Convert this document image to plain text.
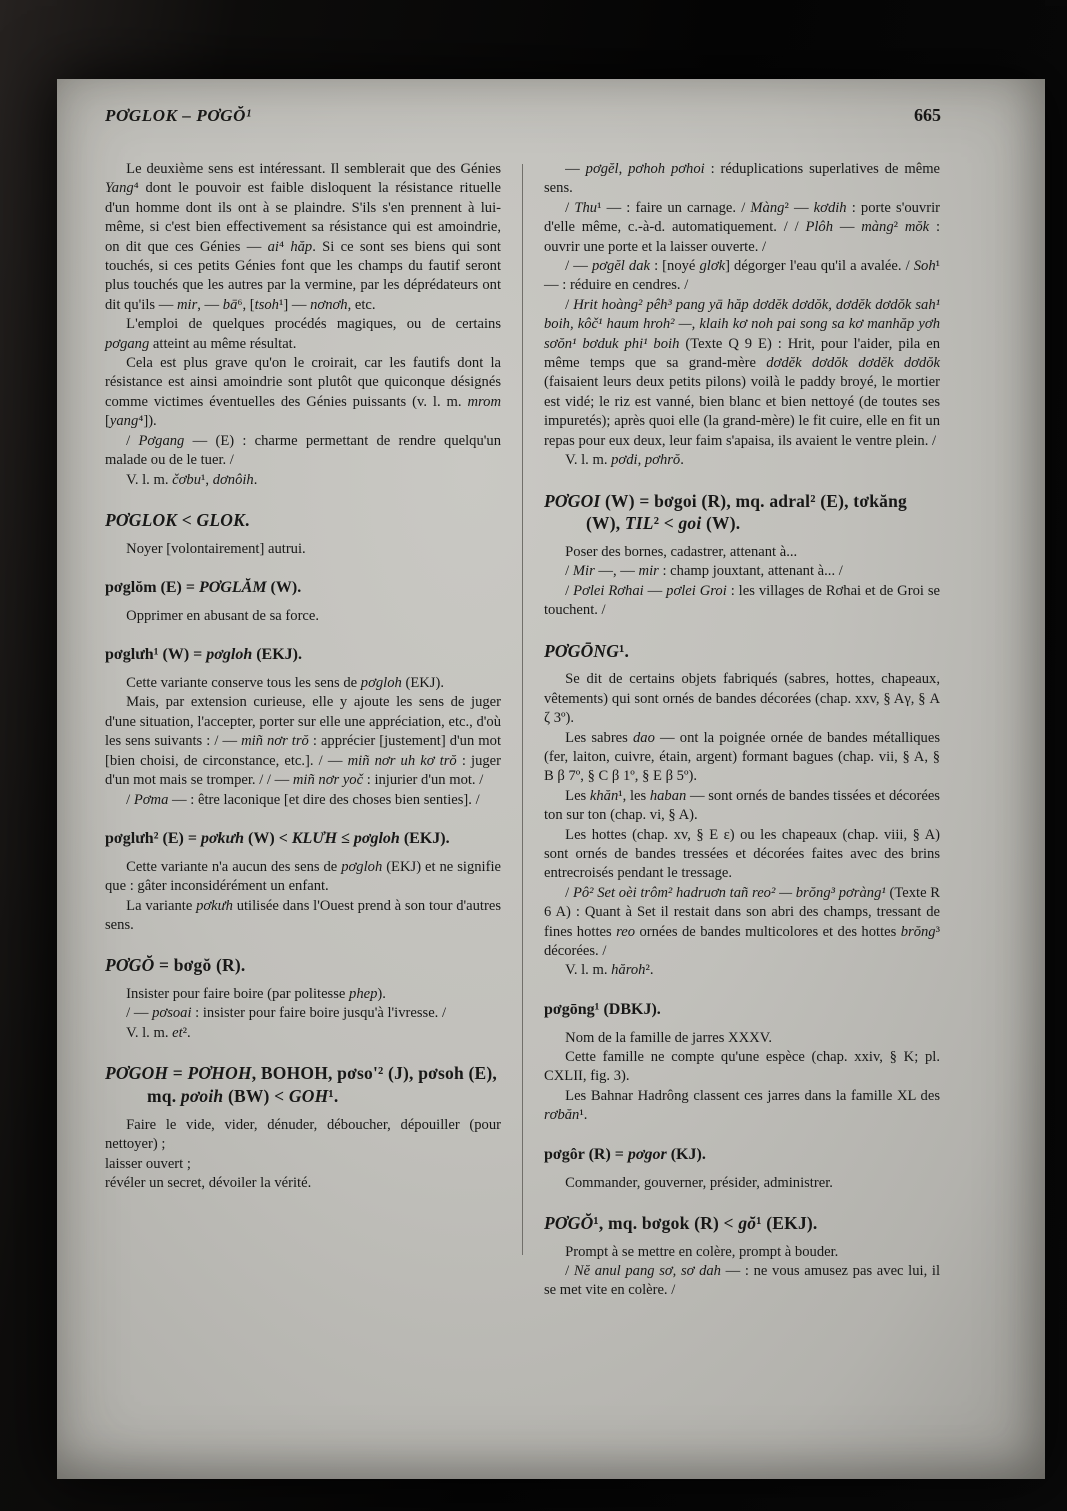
PƠGLOK – PƠGŎ¹	665

Le deuxième sens est intéressant. Il semblerait que des Génies Yang⁴ dont le pouvoir est faible disloquent la résistance rituelle d'un homme dont ils ont à se plaindre. S'ils s'en prennent à lui-même, si c'est bien effectivement sa résistance qui est amoindrie, on dit que ces Génies — ai⁴ hăp. Si ce sont ses biens qui sont touchés, si ces petits Génies font que les champs du fautif seront plus touchés que les autres par la vermine, par les déprédateurs ont dit qu'ils — mir, — bā⁶, [tsoh¹] — nơnơh, etc.

L'emploi de quelques procédés magiques, ou de certains pơgang atteint au même résultat.

Cela est plus grave qu'on le croirait, car les fautifs dont la résistance est ainsi amoindrie sont plutôt que quiconque désignés comme victimes éventuelles des Génies puissants (v. l. m. mrom [yang⁴]).

/ Pơgang — (E) : charme permettant de rendre quelqu'un malade ou de le tuer. /

V. l. m. čơbu¹, dơnôih.

PƠGLOK < GLOK.

Noyer [volontairement] autrui.

pơglŏm (E) = PƠGLĂM (W).

Opprimer en abusant de sa force.

pơglưh¹ (W) = pơgloh (EKJ).

Cette variante conserve tous les sens de pơgloh (EKJ).

Mais, par extension curieuse, elle y ajoute les sens de juger d'une situation, l'accepter, porter sur elle une appréciation, etc., d'où les sens suivants : / — miñ nơr trŏ : apprécier [justement] d'un mot [bien choisi, de circonstance, etc.]. / — miñ nơr uh kơ trŏ : juger d'un mot mais se tromper. / / — miñ nơr yoč : injurier d'un mot. /

/ Pơma — : être laconique [et dire des choses bien senties]. /

pơglưh² (E) = pơkưh (W) < KLƯH ≤ pơgloh (EKJ).

Cette variante n'a aucun des sens de pơgloh (EKJ) et ne signifie que : gâter inconsidérément un enfant.

La variante pơkưh utilisée dans l'Ouest prend à son tour d'autres sens.

PƠGŎ = bơgŏ (R).

Insister pour faire boire (par politesse phep).

/ — pơsoai : insister pour faire boire jusqu'à l'ivresse. /

V. l. m. et².

PƠGOH = PƠHOH, BOHOH, pơso'² (J), pơsoh (E), mq. pơoih (BW) < GOH¹.

Faire le vide, vider, dénuder, déboucher, dépouiller (pour nettoyer) ;

laisser ouvert ;

révéler un secret, dévoiler la vérité.

— pơgĕl, pơhoh pơhoi : réduplications superlatives de même sens.

/ Thu¹ — : faire un carnage. / Màng² — kơdih : porte s'ouvrir d'elle même, c.-à-d. automatiquement. / / Plôh — màng² mŏk : ouvrir une porte et la laisser ouverte. /

/ — pơgĕl dak : [noyé glơk] dégorger l'eau qu'il a avalée. / Soh¹ — : réduire en cendres. /

/ Hrit hoàng² pêh³ pang yā hăp dơdĕk dơdŏk, dơdĕk dơdŏk sah¹ boih, kôč¹ haum hroh² —, klaih kơ noh pai song sa kơ manhăp yơh sơŏn¹ bơduk phi¹ boih (Texte Q 9 E) : Hrit, pour l'aider, pila en même temps que sa grand-mère dơdĕk dơdŏk dơdĕk dơdŏk (faisaient leurs deux petits pilons) voilà le paddy broyé, le mortier est vidé; le riz est vanné, bien blanc et bien nettoyé (de toutes ses impuretés); après quoi elle (la grand-mère) le fit cuire, elle en fit un repas pour eux deux, leur faim s'apaisa, ils avaient le ventre plein. /

V. l. m. pơdi, pơhrŏ.

PƠGOI (W) = bơgoi (R), mq. adral² (E), tơkăng (W), TIL² < goi (W).

Poser des bornes, cadastrer, attenant à...

/ Mir —, — mir : champ jouxtant, attenant à... /

/ Pơlei Rơhai — pơlei Groi : les villages de Rơhai et de Groi se touchent. /

PƠGŌNG¹.

Se dit de certains objets fabriqués (sabres, hottes, chapeaux, vêtements) qui sont ornés de bandes décorées (chap. xxv, § Aγ, § A ζ 3º).

Les sabres dao — ont la poignée ornée de bandes métalliques (fer, laiton, cuivre, étain, argent) formant bagues (chap. vii, § A, § B β 7º, § C β 1º, § E β 5º).

Les khăn¹, les haban — sont ornés de bandes tissées et décorées ton sur ton (chap. vi, § A).

Les hottes (chap. xv, § E ε) ou les chapeaux (chap. viii, § A) sont ornés de bandes tressées et décorées faites avec des brins entrecroisés pendant le tressage.

/ Pô² Set oèi trôm² hadruơn tañ reo² — brŏng³ pơràng¹ (Texte R 6 A) : Quant à Set il restait dans son abri des champs, tressant de fines hottes reo ornées de bandes multicolores et des hottes brŏng³ décorées. /

V. l. m. hăroh².

pơgōng¹ (DBKJ).

Nom de la famille de jarres XXXV.

Cette famille ne compte qu'une espèce (chap. xxiv, § K; pl. CXLII, fig. 3).

Les Bahnar Hadrông classent ces jarres dans la famille XL des rơbăn¹.

pơgôr (R) = pơgor (KJ).

Commander, gouverner, présider, administrer.

PƠGŎ¹, mq. bơgok (R) < gŏ¹ (EKJ).

Prompt à se mettre en colère, prompt à bouder.

/ Nĕ anul pang sơ, sơ dah — : ne vous amusez pas avec lui, il se met vite en colère. /
